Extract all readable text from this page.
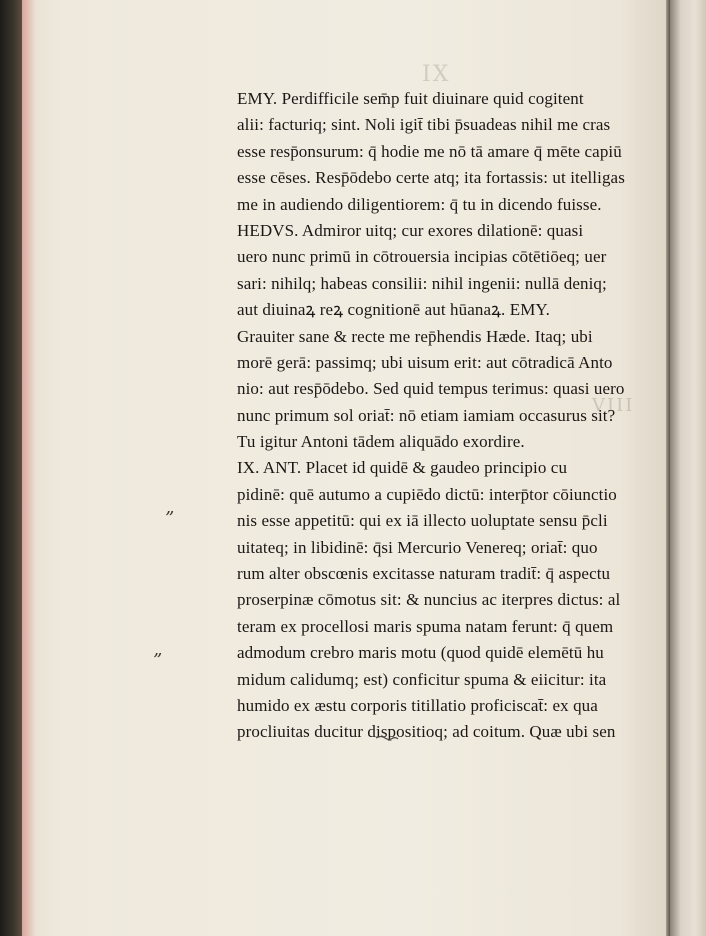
IX
VIII
EMY. Perdifficile sem̄p fuit diuinare quid cogitent
alii: facturiq; sint. Noli igit̄ tibi p̄suadeas nihil me cras
esse resp̄onsurum: q̄ hodie me nō tā amare q̄ mēte capiū
esse cēses. Resp̄ōdebo certe atq; ita fortassis: ut itelligas
me in audiendo diligentiorem: q̄ tu in dicendo fuisse.
HEDVS. Admiror uitq; cur exores dilationē: quasi
uero nunc primū in cōtrouersia incipias cōtētiōeq; uer
sari: nihilq; habeas consilii: nihil ingenii: nullā deniq;
aut diuinaꝝ reꝝ cognitionē aut hūanaꝝ. EMY.
Grauiter sane & recte me rep̄hendis Hæde. Itaq; ubi
morē gerā: passimq; ubi uisum erit: aut cōtradicā Anto
nio: aut resp̄ōdebo. Sed quid tempus terimus: quasi uero
nunc primum sol oriat̄: nō etiam iamiam occasurus sit?
Tu igitur Antoni tādem aliquādo exordire.
IX. ANT. Placet id quidē & gaudeo principio cu
pidinē: quē autumo a cupiēdo dictū: interp̄tor cōiunctio
nis esse appetitū: qui ex iā illecto uoluptate sensu p̄cli
uitateq; in libidinē: q̄si Mercurio Venereq; oriat̄: quo
rum alter obscœnis excitasse naturam tradit̄: q̄ aspectu
proserpinæ cōmotus sit: & nuncius ac iterpres dictus: al
teram ex procellosi maris spuma natam ferunt: q̄ quem
admodum crebro maris motu (quod quidē elemētū hu
midum calidumq; est) conficitur spuma & eiicitur: ita
humido ex æstu corporis titillatio proficiscat̄: ex qua
procliuitas ducitur dispositioq; ad coitum. Quæ ubi sen
”
”
